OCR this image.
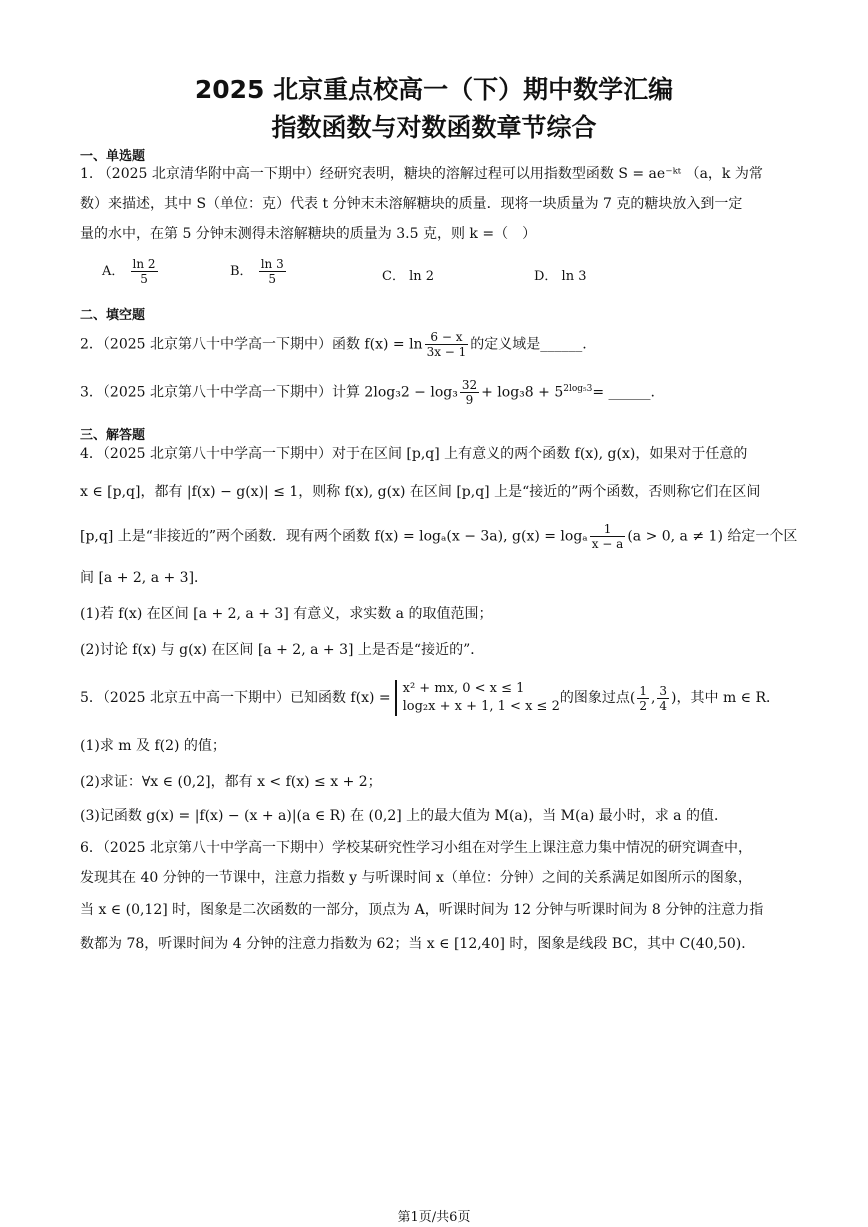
2025 北京重点校高一（下）期中数学汇编
指数函数与对数函数章节综合
一、单选题
1. （2025 北京清华附中高一下期中）经研究表明，糖块的溶解过程可以用指数型函数 S = ae⁻ᵏᵗ （a，k 为常
数）来描述，其中 S（单位：克）代表 t 分钟末未溶解糖块的质量．现将一块质量为 7 克的糖块放入到一定
量的水中，在第 5 分钟末测得未溶解糖块的质量为 3.5 克，则 k =（　）
A． $\frac{\ln 2}{5}$	B． $\frac{\ln 3}{5}$	C． ln 2	D． ln 3
二、填空题
2．（2025 北京第八十中学高一下期中）函数 $f(x) = \ln \frac{6 - x}{3x - 1}$ 的定义域是______.
3．（2025 北京第八十中学高一下期中）计算 $2\log_32 - \log_3 \frac{32}{9} + \log_38 + 5^{2log_53}=$ ______.
三、解答题
4．（2025 北京第八十中学高一下期中）对于在区间 [p,q] 上有意义的两个函数 f(x), g(x)，如果对于任意的
x ∈ [p,q]，都有 |f(x) − g(x)| ≤ 1，则称 f(x), g(x) 在区间 [p,q] 上是“接近的”两个函数，否则称它们在区间
[p,q] 上是“非接近的”两个函数．现有两个函数 f(x) = logₐ(x − 3a), g(x) = logₐ $\frac{1}{x - a} (a > 0$, a ≠ 1) 给定一个区
间 [a + 2, a + 3]．
(1)若 f(x) 在区间 [a + 2, a + 3] 有意义，求实数 a 的取值范围；
(2)讨论 f(x) 与 g(x) 在区间 [a + 2, a + 3] 上是否是“接近的”．
5．（2025 北京五中高一下期中）已知函数 f(x) =
x² + mx, 0 < x ≤ 1
log₂x + x + 1, 1 < x ≤ 2
的图象过点( $\frac{1}{2}$ , $\frac{3}{4}$ )，其中 m ∈ R．
(1)求 m 及 f(2) 的值；
(2)求证：∀x ∈ (0,2]，都有 x < f(x) ≤ x + 2；
(3)记函数 g(x) = |f(x) − (x + a)|(a ∈ R) 在 (0,2] 上的最大值为 M(a)，当 M(a) 最小时，求 a 的值．
6．（2025 北京第八十中学高一下期中）学校某研究性学习小组在对学生上课注意力集中情况的研究调查中，
发现其在 40 分钟的一节课中，注意力指数 y 与听课时间 x（单位：分钟）之间的关系满足如图所示的图象，
当 x ∈ (0,12] 时，图象是二次函数的一部分，顶点为 A，听课时间为 12 分钟与听课时间为 8 分钟的注意力指
数都为 78，听课时间为 4 分钟的注意力指数为 62；当 x ∈ [12,40] 时，图象是线段 BC，其中 C(40,50)．
第1页/共6页
